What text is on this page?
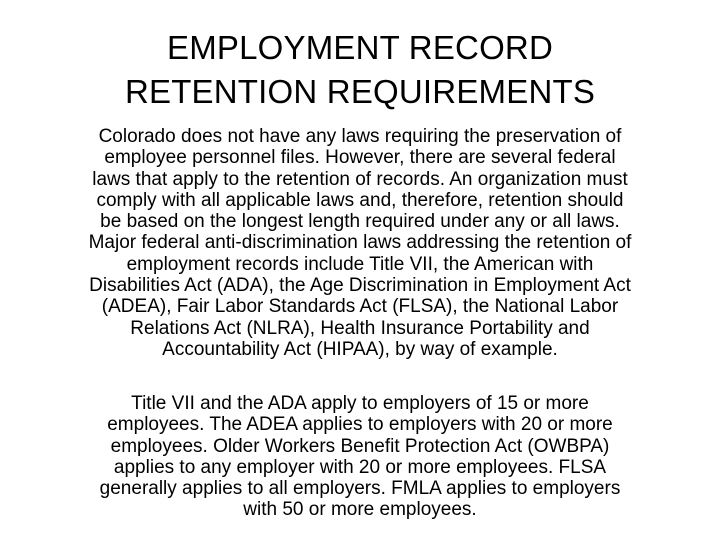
EMPLOYMENT RECORD
RETENTION REQUIREMENTS
Colorado does not have any laws requiring the preservation of
employee personnel files. However, there are several federal
laws that apply to the retention of records. An organization must
comply with all applicable laws and, therefore, retention should
be based on the longest length required under any or all laws.
Major federal anti-discrimination laws addressing the retention of
employment records include Title VII, the American with
Disabilities Act (ADA), the Age Discrimination in Employment Act
(ADEA), Fair Labor Standards Act (FLSA), the National Labor
Relations Act (NLRA), Health Insurance Portability and
Accountability Act (HIPAA), by way of example.
Title VII and the ADA apply to employers of 15 or more
employees. The ADEA applies to employers with 20 or more
employees. Older Workers Benefit Protection Act (OWBPA)
applies to any employer with 20 or more employees. FLSA
generally applies to all employers. FMLA applies to employers
with 50 or more employees.
